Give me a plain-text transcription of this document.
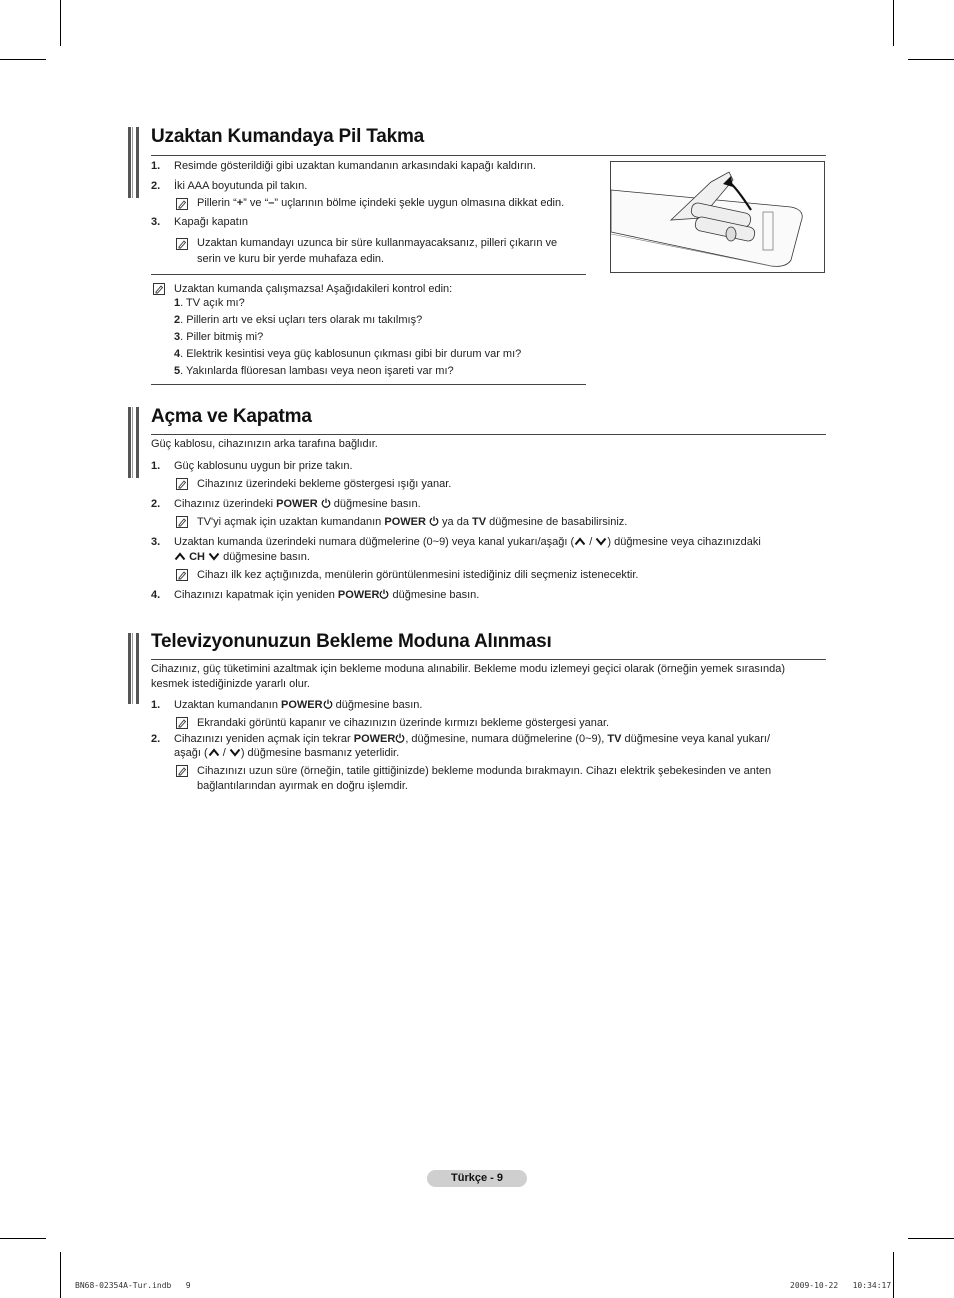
Uzaktan Kumandaya Pil Takma
1. Resimde gösterildiği gibi uzaktan kumandanın arkasındaki kapağı kaldırın.
2. İki AAA boyutunda pil takın.
Pillerin “+” ve “–” uçlarının bölme içindeki şekle uygun olmasına dikkat edin.
3. Kapağı kapatın
Uzaktan kumandayı uzunca bir süre kullanmayacaksanız, pilleri çıkarın ve
serin ve kuru bir yerde muhafaza edin.
Uzaktan kumanda çalışmazsa! Aşağıdakileri kontrol edin:
1. TV açık mı?
2. Pillerin artı ve eksi uçları ters olarak mı takılmış?
3. Piller bitmiş mi?
4. Elektrik kesintisi veya güç kablosunun çıkması gibi bir durum var mı?
5. Yakınlarda flüoresan lambası veya neon işareti var mı?
Açma ve Kapatma
Güç kablosu, cihazınızın arka tarafına bağlıdır.
1. Güç kablosunu uygun bir prize takın.
Cihazınız üzerindeki bekleme göstergesi ışığı yanar.
2. Cihazınız üzerindeki POWER  düğmesine basın.
TV'yi açmak için uzaktan kumandanın POWER  ya da TV düğmesine de basabilirsiniz.
3. Uzaktan kumanda üzerindeki numara düğmelerine (0~9) veya kanal yukarı/aşağı ( / ) düğmesine veya cihazınızdaki
CH  düğmesine basın.
Cihazı ilk kez açtığınızda, menülerin görüntülenmesini istediğiniz dili seçmeniz istenecektir.
4. Cihazınızı kapatmak için yeniden POWER düğmesine basın.
Televizyonunuzun Bekleme Moduna Alınması
Cihazınız, güç tüketimini azaltmak için bekleme moduna alınabilir. Bekleme modu izlemeyi geçici olarak (örneğin yemek sırasında)
kesmek istediğinizde yararlı olur.
1. Uzaktan kumandanın POWER düğmesine basın.
Ekrandaki görüntü kapanır ve cihazınızın üzerinde kırmızı bekleme göstergesi yanar.
2. Cihazınızı yeniden açmak için tekrar POWER , düğmesine, numara düğmelerine (0~9), TV düğmesine veya kanal yukarı/
aşağı ( / ) düğmesine basmanız yeterlidir.
Cihazınızı uzun süre (örneğin, tatile gittiğinizde) bekleme modunda bırakmayın. Cihazı elektrik şebekesinden ve anten
bağlantılarından ayırmak en doğru işlemdir.
Türkçe - 9
BN68-02354A-Tur.indb   9	2009-10-22   10:34:17
